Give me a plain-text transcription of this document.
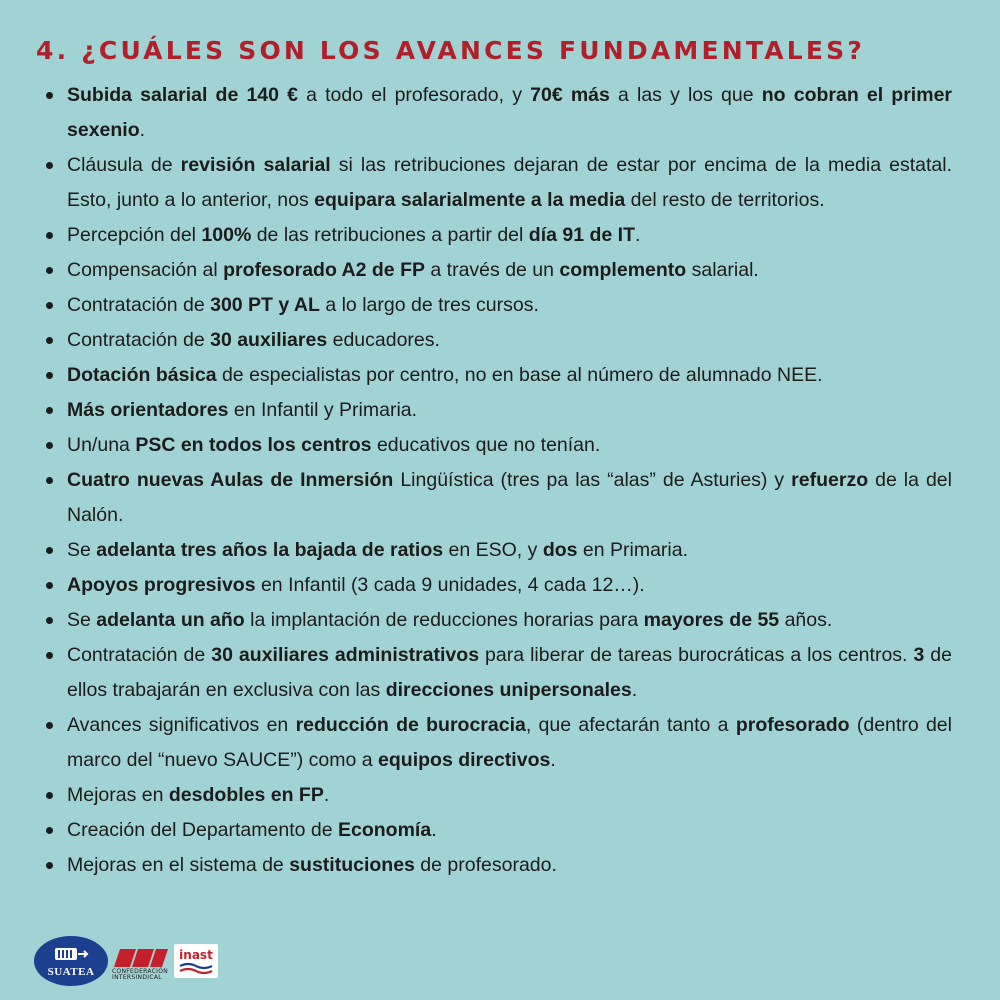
4. ¿CUÁLES SON LOS AVANCES FUNDAMENTALES?
Subida salarial de 140 € a todo el profesorado, y 70€ más a las y los que no cobran el primer sexenio.
Cláusula de revisión salarial si las retribuciones dejaran de estar por encima de la media estatal. Esto, junto a lo anterior, nos equipara salarialmente a la media del resto de territorios.
Percepción del 100% de las retribuciones a partir del día 91 de IT.
Compensación al profesorado A2 de FP a través de un complemento salarial.
Contratación de 300 PT y AL a lo largo de tres cursos.
Contratación de 30 auxiliares educadores.
Dotación básica de especialistas por centro, no en base al número de alumnado NEE.
Más orientadores en Infantil y Primaria.
Un/una PSC en todos los centros educativos que no tenían.
Cuatro nuevas Aulas de Inmersión Lingüística (tres pa las “alas” de Asturies) y refuerzo de la del Nalón.
Se adelanta tres años la bajada de ratios en ESO, y dos en Primaria.
Apoyos progresivos en Infantil (3 cada 9 unidades, 4 cada 12…).
Se adelanta un año la implantación de reducciones horarias para mayores de 55 años.
Contratación de 30 auxiliares administrativos para liberar de tareas burocráticas a los centros. 3 de ellos trabajarán en exclusiva con las direcciones unipersonales.
Avances significativos en reducción de burocracia, que afectarán tanto a profesorado (dentro del marco del “nuevo SAUCE”) como a equipos directivos.
Mejoras en desdobles en FP.
Creación del Departamento de Economía.
Mejoras en el sistema de sustituciones de profesorado.
SUATEA	CONFEDERACIÓN
INTERSINDICAL
inast
